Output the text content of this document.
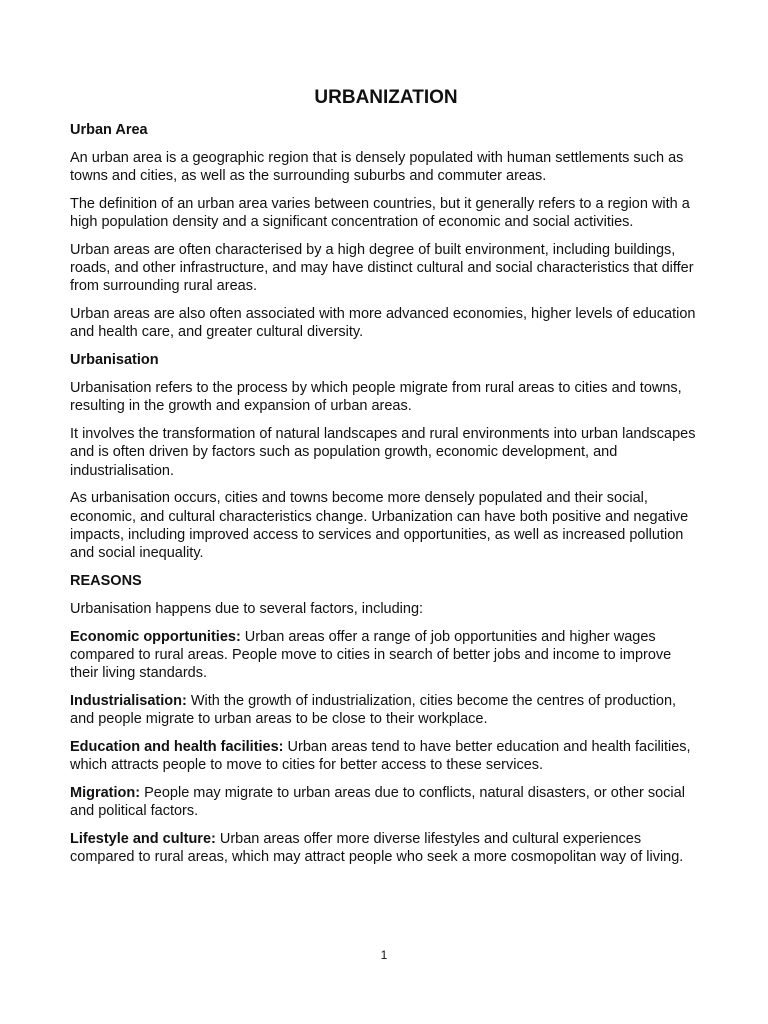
URBANIZATION

Urban Area

An urban area is a geographic region that is densely populated with human settlements such as towns and cities, as well as the surrounding suburbs and commuter areas.

The definition of an urban area varies between countries, but it generally refers to a region with a high population density and a significant concentration of economic and social activities.

Urban areas are often characterised by a high degree of built environment, including buildings, roads, and other infrastructure, and may have distinct cultural and social characteristics that differ from surrounding rural areas.

Urban areas are also often associated with more advanced economies, higher levels of education and health care, and greater cultural diversity.

Urbanisation

Urbanisation refers to the process by which people migrate from rural areas to cities and towns, resulting in the growth and expansion of urban areas.

It involves the transformation of natural landscapes and rural environments into urban landscapes and is often driven by factors such as population growth, economic development, and industrialisation.

As urbanisation occurs, cities and towns become more densely populated and their social, economic, and cultural characteristics change. Urbanization can have both positive and negative impacts, including improved access to services and opportunities, as well as increased pollution and social inequality.

REASONS

Urbanisation happens due to several factors, including:

Economic opportunities: Urban areas offer a range of job opportunities and higher wages compared to rural areas. People move to cities in search of better jobs and income to improve their living standards.

Industrialisation: With the growth of industrialization, cities become the centres of production, and people migrate to urban areas to be close to their workplace.

Education and health facilities: Urban areas tend to have better education and health facilities, which attracts people to move to cities for better access to these services.

Migration: People may migrate to urban areas due to conflicts, natural disasters, or other social and political factors.

Lifestyle and culture: Urban areas offer more diverse lifestyles and cultural experiences compared to rural areas, which may attract people who seek a more cosmopolitan way of living.

1
